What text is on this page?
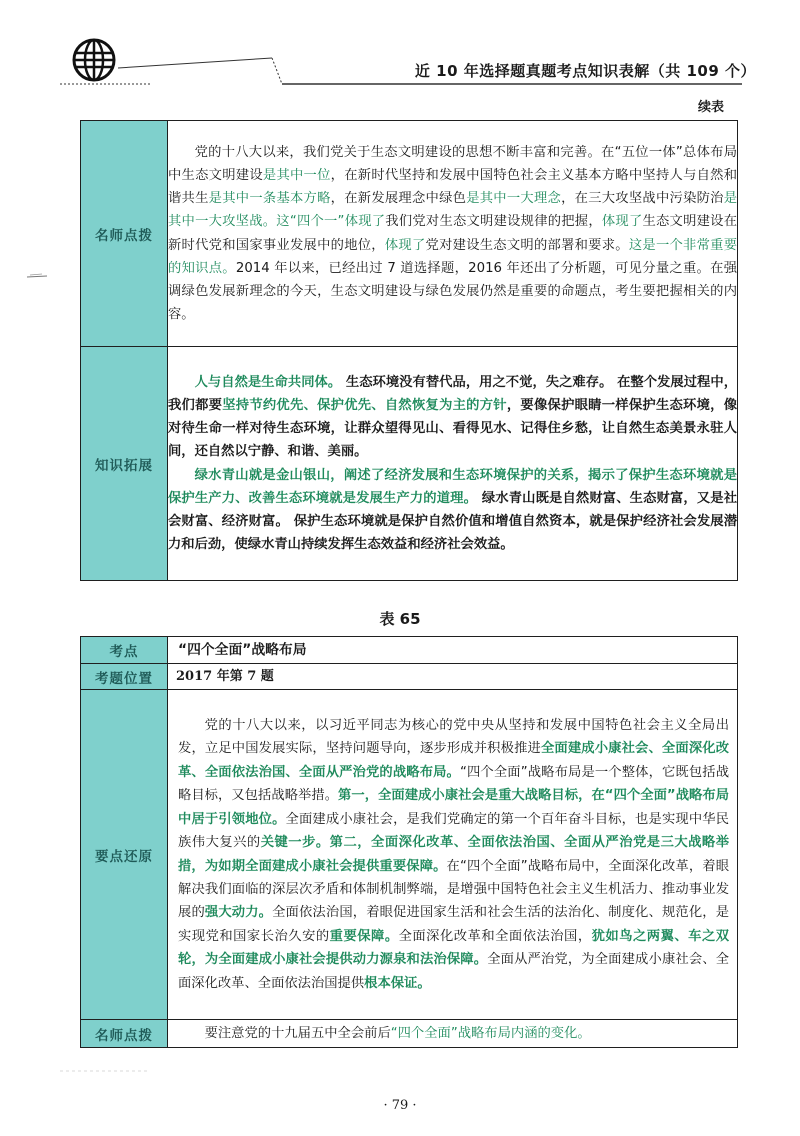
近 10 年选择题真题考点知识表解（共 109 个）
续表
名师点拨	党的十八大以来，我们党关于生态文明建设的思想不断丰富和完善。在“五位一体”总体布局中生态文明建设是其中一位，在新时代坚持和发展中国特色社会主义基本方略中坚持人与自然和谐共生是其中一条基本方略，在新发展理念中绿色是其中一大理念，在三大攻坚战中污染防治是其中一大攻坚战。这“四个一”体现了我们党对生态文明建设规律的把握，体现了生态文明建设在新时代党和国家事业发展中的地位，体现了党对建设生态文明的部署和要求。这是一个非常重要的知识点。2014 年以来，已经出过 7 道选择题，2016 年还出了分析题，可见分量之重。在强调绿色发展新理念的今天，生态文明建设与绿色发展仍然是重要的命题点，考生要把握相关的内容。

知识拓展	人与自然是生命共同体。 生态环境没有替代品，用之不觉，失之难存。 在整个发展过程中，我们都要坚持节约优先、保护优先、自然恢复为主的方针，要像保护眼睛一样保护生态环境，像对待生命一样对待生态环境，让群众望得见山、看得见水、记得住乡愁，让自然生态美景永驻人间，还自然以宁静、和谐、美丽。

绿水青山就是金山银山，阐述了经济发展和生态环境保护的关系，揭示了保护生态环境就是保护生产力、改善生态环境就是发展生产力的道理。 绿水青山既是自然财富、生态财富，又是社会财富、经济财富。 保护生态环境就是保护自然价值和增值自然资本，就是保护经济社会发展潜力和后劲，使绿水青山持续发挥生态效益和经济社会效益。

表 65
考点	“四个全面”战略布局

考题位置	2017 年第 7 题

要点还原	党的十八大以来，以习近平同志为核心的党中央从坚持和发展中国特色社会主义全局出发，立足中国发展实际，坚持问题导向，逐步形成并积极推进全面建成小康社会、全面深化改革、全面依法治国、全面从严治党的战略布局。“四个全面”战略布局是一个整体，它既包括战略目标，又包括战略举措。第一，全面建成小康社会是重大战略目标，在“四个全面”战略布局中居于引领地位。全面建成小康社会，是我们党确定的第一个百年奋斗目标，也是实现中华民族伟大复兴的关键一步。第二，全面深化改革、全面依法治国、全面从严治党是三大战略举措，为如期全面建成小康社会提供重要保障。在“四个全面”战略布局中，全面深化改革，着眼解决我们面临的深层次矛盾和体制机制弊端，是增强中国特色社会主义生机活力、推动事业发展的强大动力。全面依法治国，着眼促进国家生活和社会生活的法治化、制度化、规范化，是实现党和国家长治久安的重要保障。全面深化改革和全面依法治国，犹如鸟之两翼、车之双轮，为全面建成小康社会提供动力源泉和法治保障。全面从严治党，为全面建成小康社会、全面深化改革、全面依法治国提供根本保证。

名师点拨	要注意党的十九届五中全会前后“四个全面”战略布局内涵的变化。

· 79 ·
